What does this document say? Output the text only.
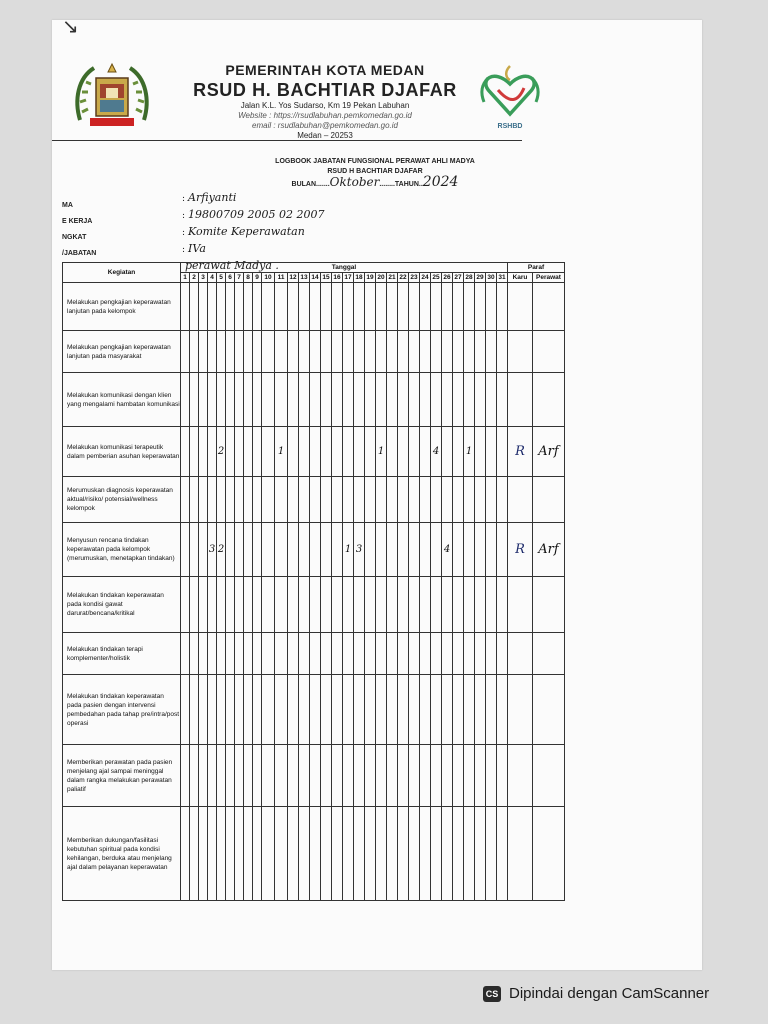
↘
PEMERINTAH KOTA MEDAN
RSUD H. BACHTIAR DJAFAR
Jalan K.L. Yos Sudarso, Km 19 Pekan Labuhan
Website : https://rsudlabuhan.pemkomedan.go.id
email : rsudlabuhan@pemkomedan.go.id
Medan – 20253
RSHBD
LOGBOOK JABATAN FUNGSIONAL PERAWAT AHLI MADYA
RSUD H BACHTIAR DJAFAR
BULAN.......Oktober........TAHUN..2024
MA
E KERJA
NGKAT
/JABATAN
: Arfiyanti
: 19800709 2005 02 2007
: Komite Keperawatan
: IVa
perawat Madya .
Kegiatan	Tanggal																															Paraf	
	1	2	3	4	5	6	7	8	9	10	11	12	13	14	15	16	17	18	19	20	21	22	23	24	25	26	27	28	29	30	31	Karu	Perawat
Melakukan pengkajian keperawatan lanjutan pada kelompok																																	
Melakukan pengkajian keperawatan lanjutan pada masyarakat																																	
Melakukan komunikasi dengan klien yang mengalami hambatan komunikasi																																	
Melakukan komunikasi terapeutik dalam pemberian asuhan keperawatan					2						1									1					4			1				R	Arf
Merumuskan diagnosis keperawatan aktual/risiko/ potensial/wellness kelompok																																	
Menyusun rencana tindakan keperawatan pada kelompok (merumuskan, menetapkan tindakan)				3	2												1	3								4						R	Arf
Melakukan tindakan keperawatan pada kondisi gawat darurat/bencana/kritikal																																	
Melakukan tindakan terapi komplementer/holistik																																	
Melakukan tindakan keperawatan pada pasien dengan intervensi pembedahan pada tahap pre/intra/post operasi																																	
Memberikan perawatan pada pasien menjelang ajal sampai meninggal dalam rangka melakukan perawatan paliatif																																	
Memberikan dukungan/fasilitasi kebutuhan spiritual pada kondisi kehilangan, berduka atau menjelang ajal dalam pelayanan keperawatan																																	
CS Dipindai dengan CamScanner
